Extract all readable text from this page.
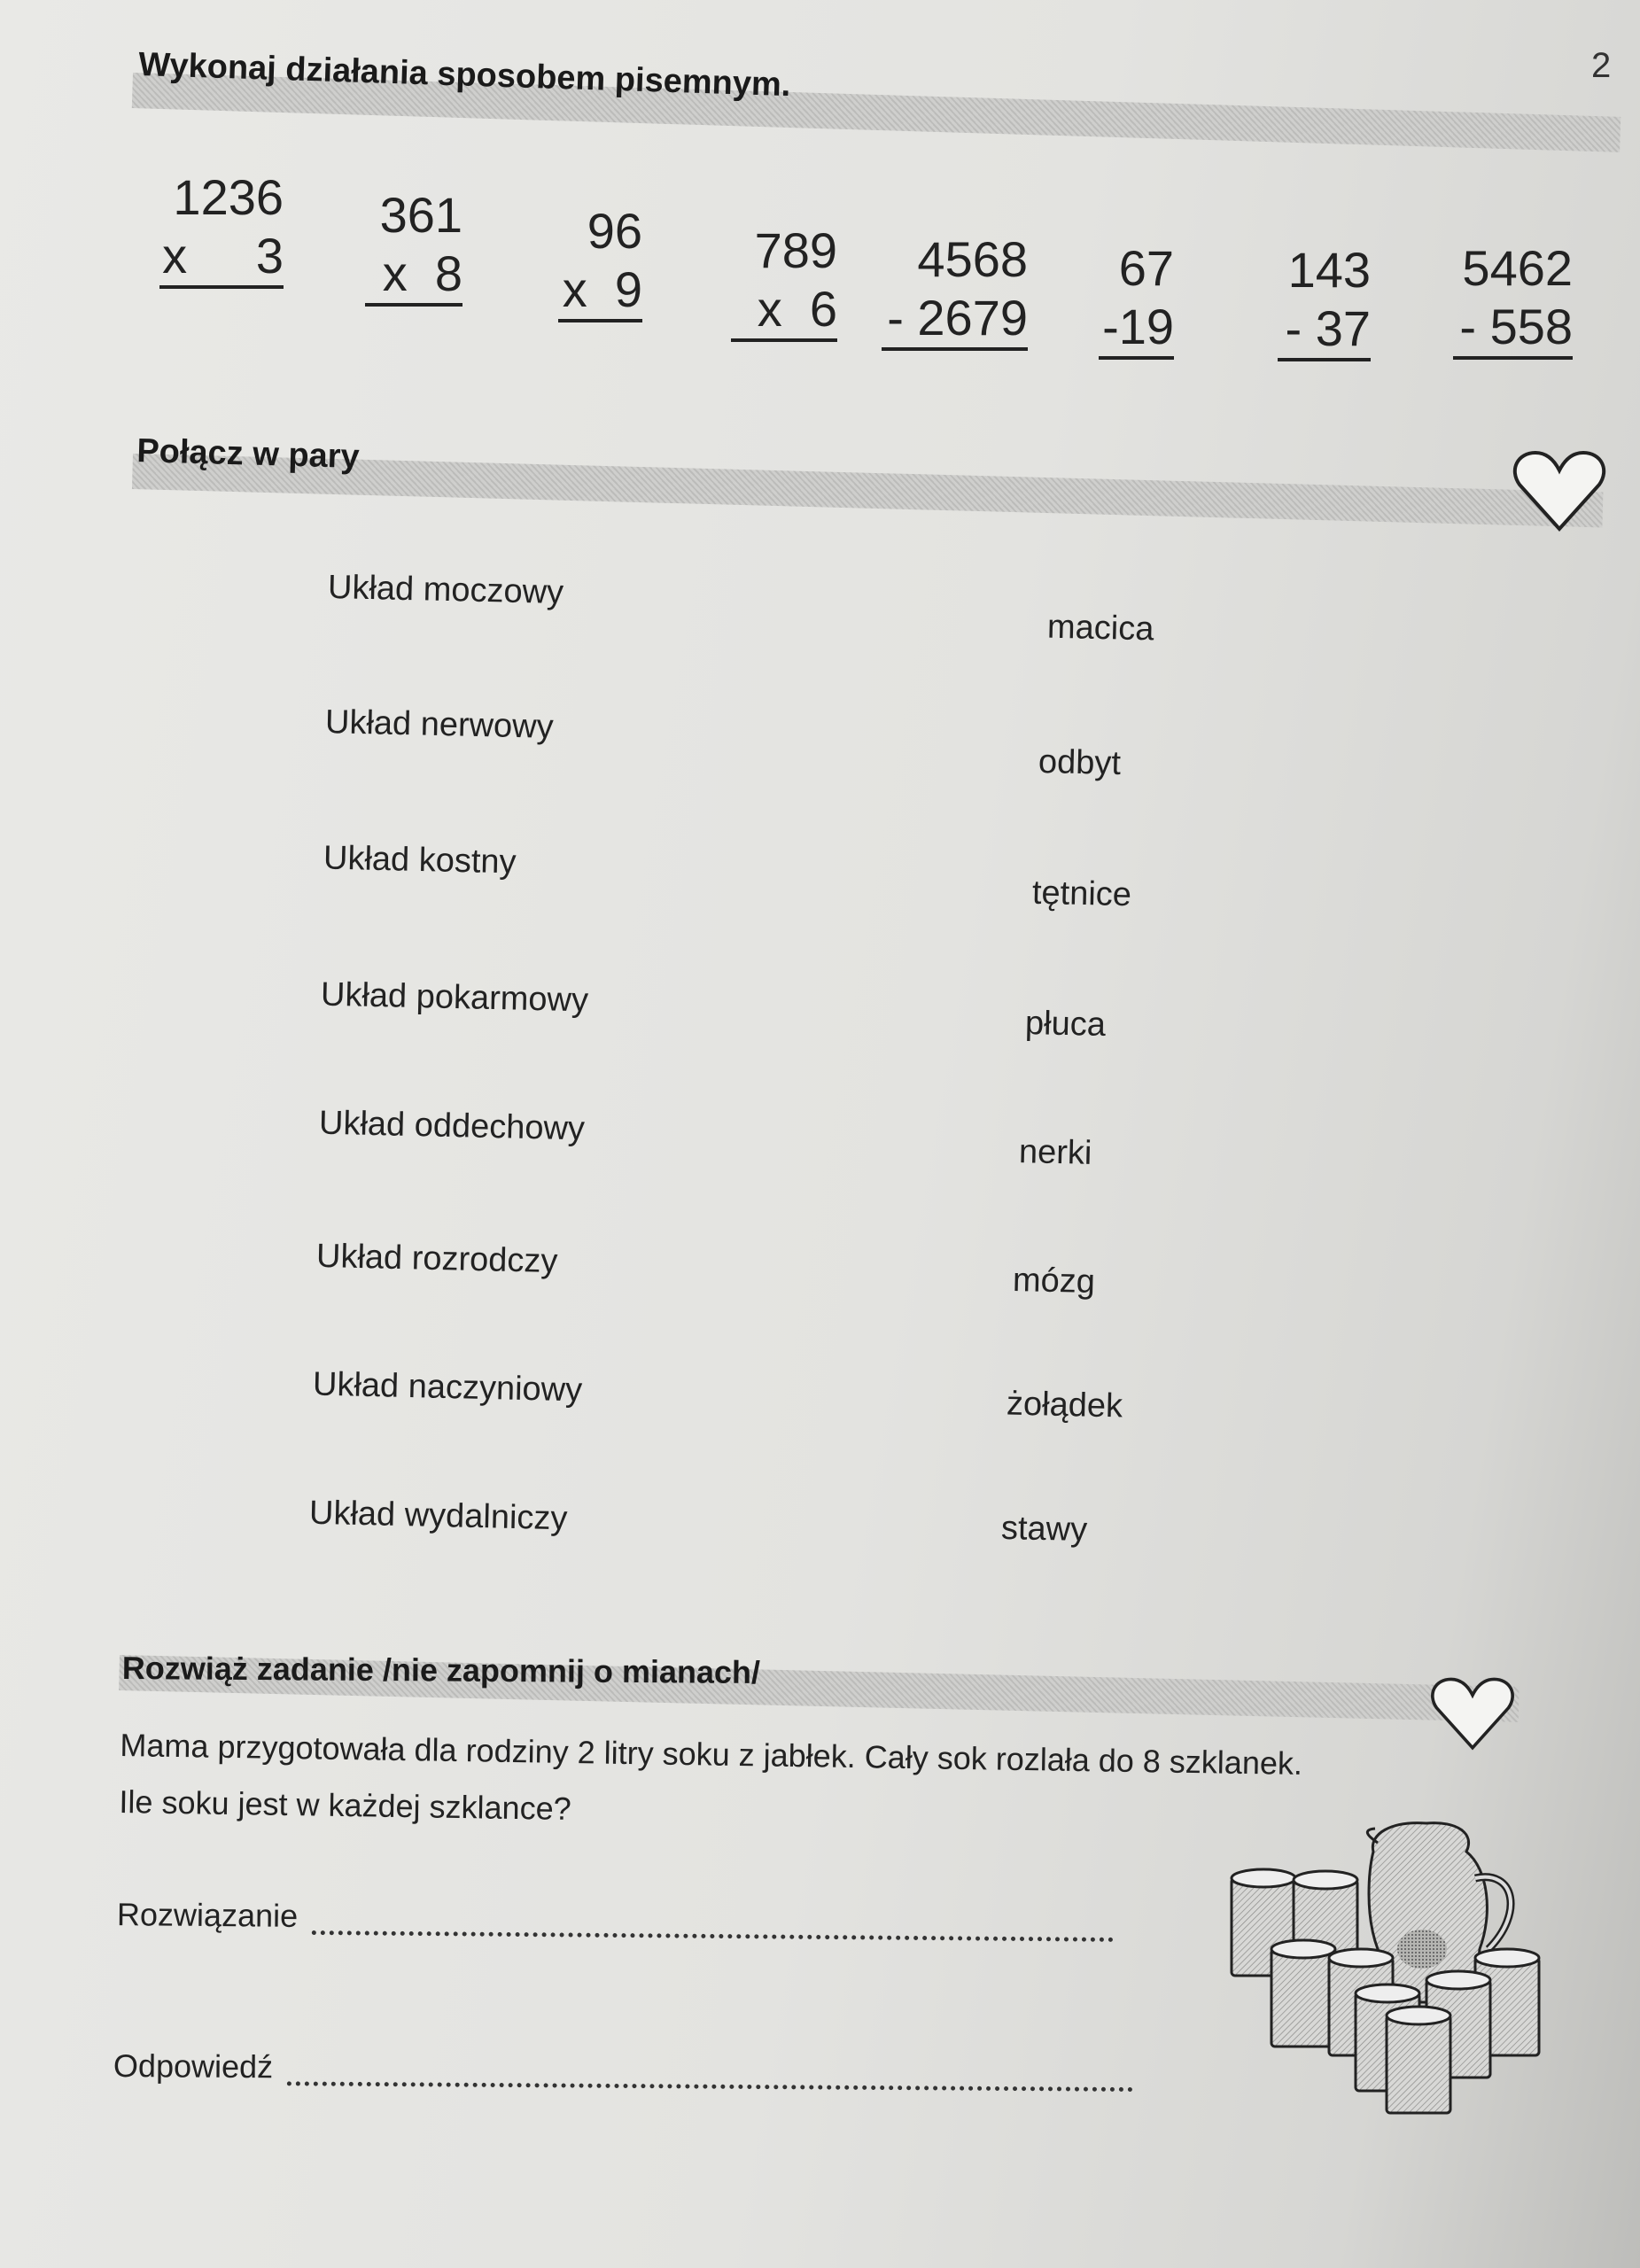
2
Wykonaj działania sposobem pisemnym.
1236
x     3
361
x  8
96
x  9
789
x  6
4568
- 2679
67
-19
143
- 37
5462
- 558
Połącz w pary
Układ moczowy
Układ nerwowy
Układ kostny
Układ pokarmowy
Układ oddechowy
Układ rozrodczy
Układ naczyniowy
Układ wydalniczy
macica
odbyt
tętnice
płuca
nerki
mózg
żołądek
stawy
Rozwiąż zadanie /nie zapomnij o mianach/
Mama przygotowała dla rodziny 2 litry soku z jabłek. Cały sok rozlała do 8 szklanek.
Ile soku jest w każdej szklance?
Rozwiązanie
Odpowiedź
